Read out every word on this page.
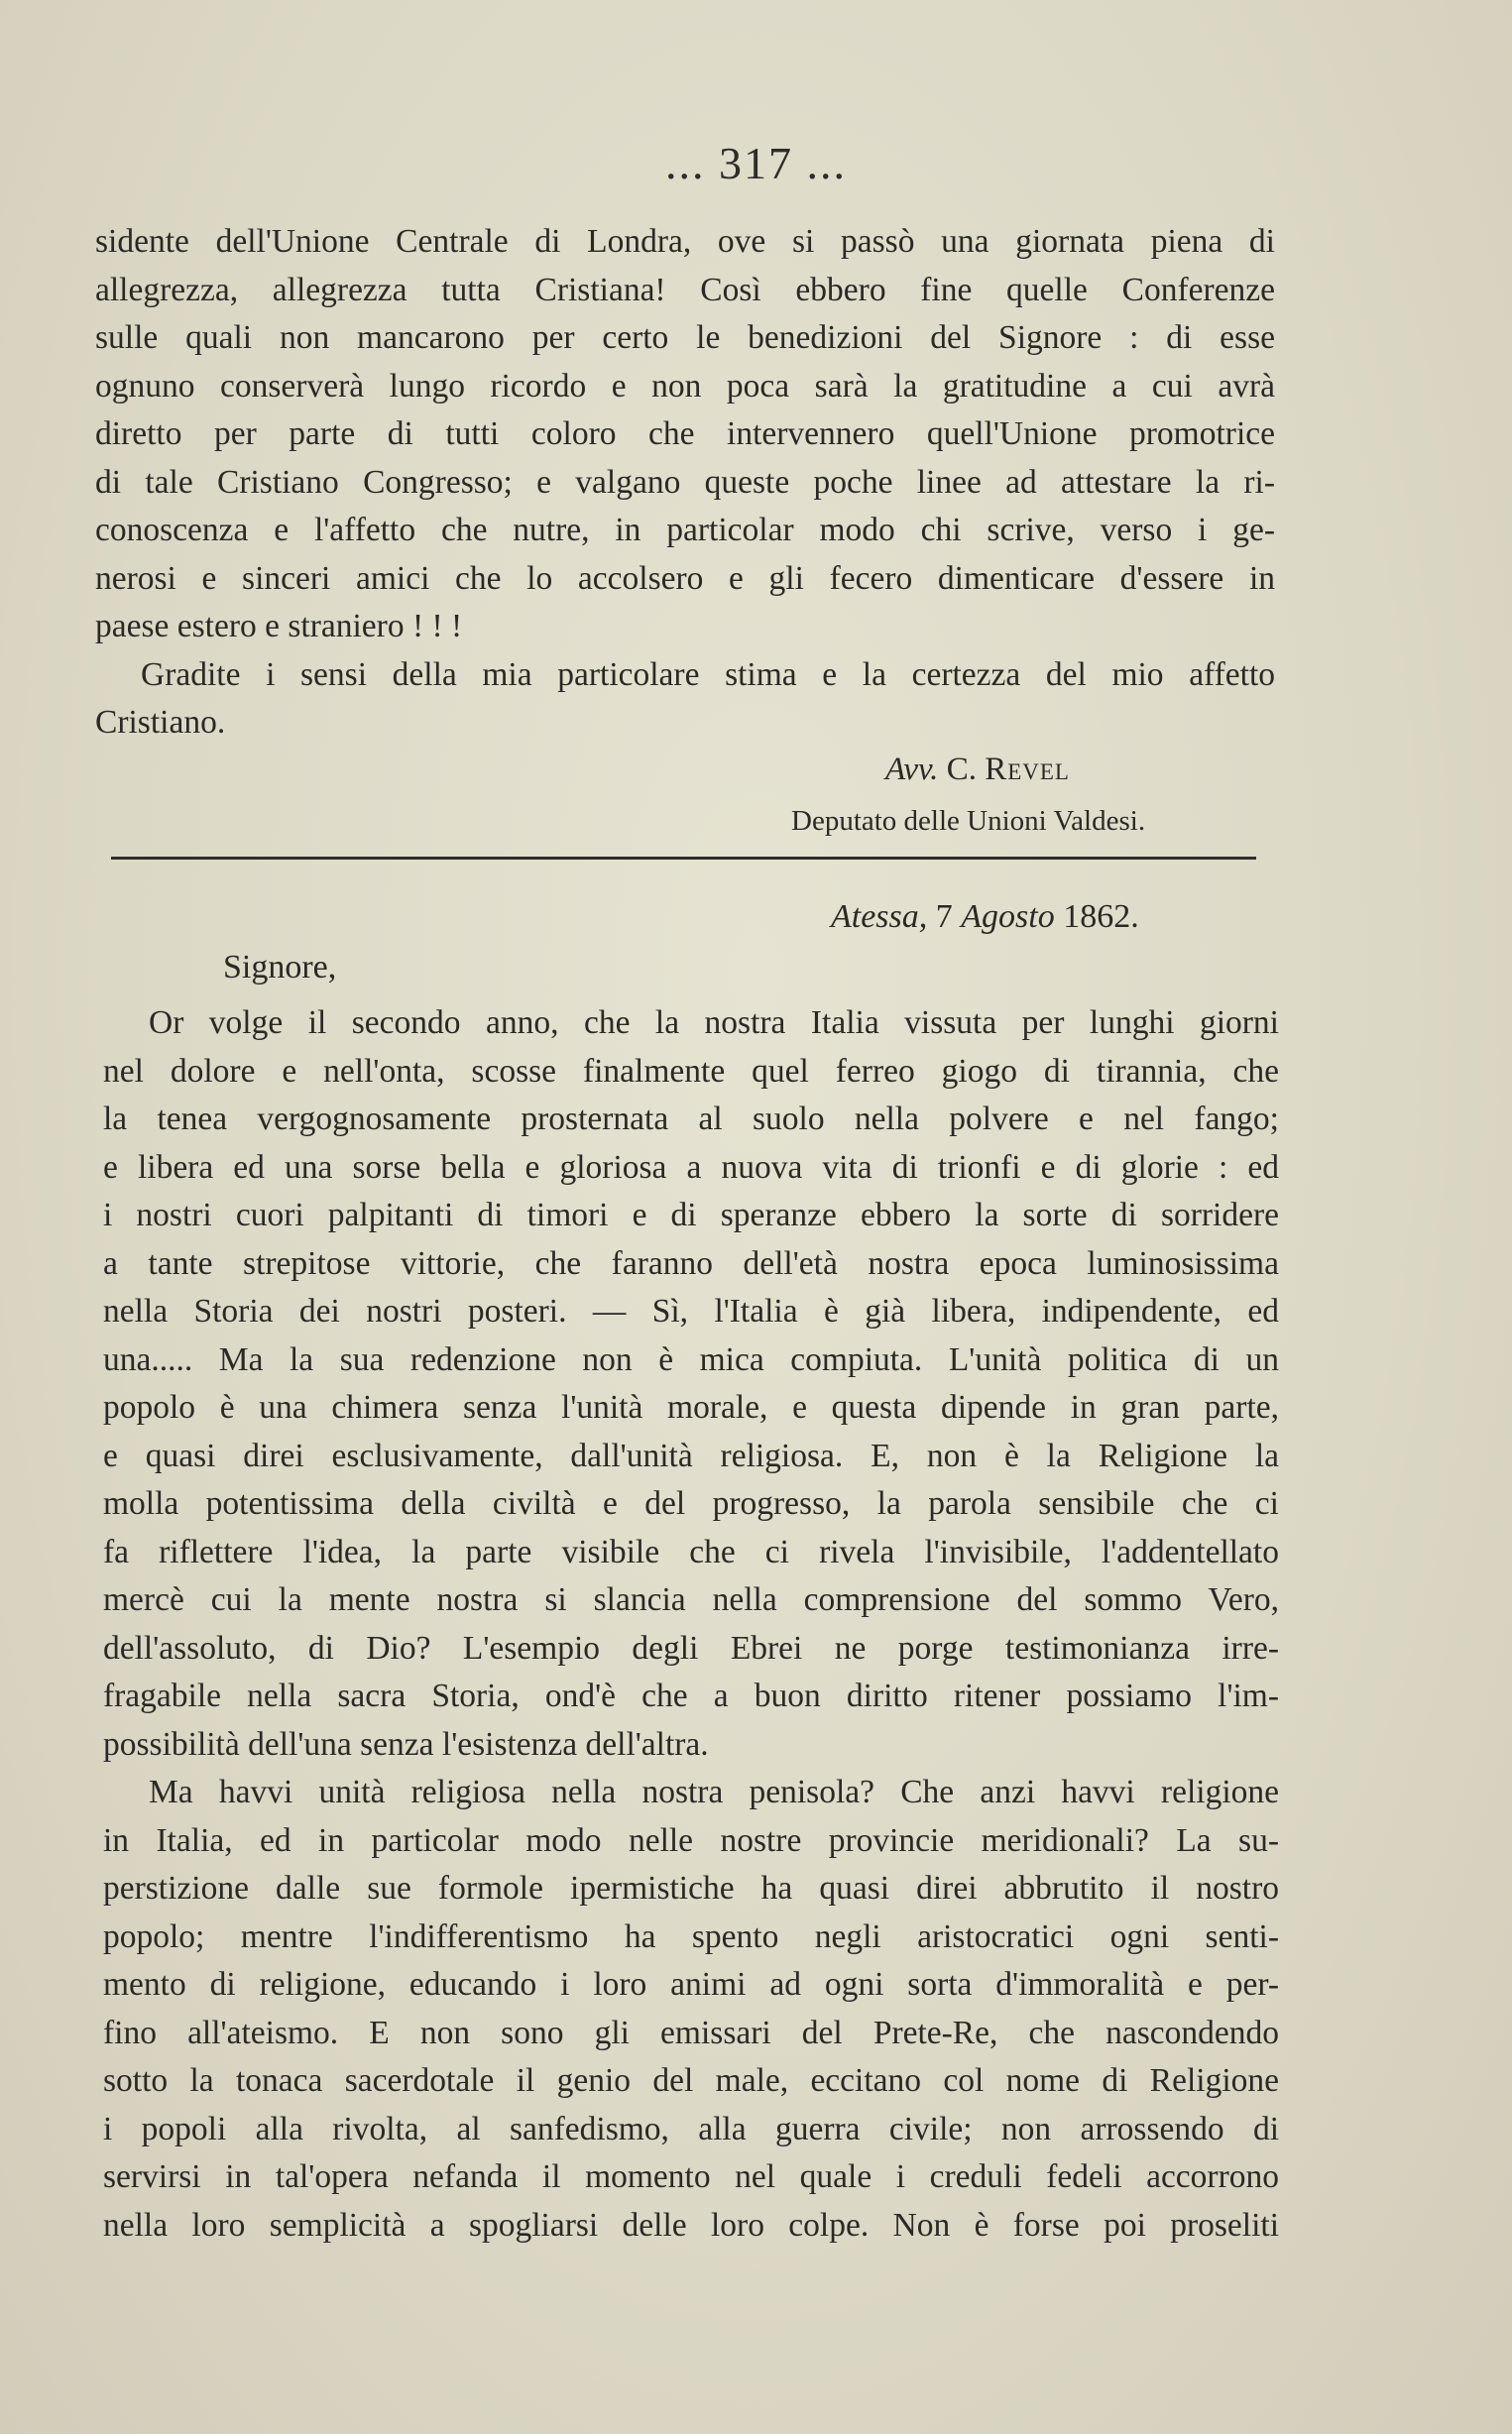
... 317 ...
sidente dell'Unione Centrale di Londra, ove si passò una giornata piena di
allegrezza, allegrezza tutta Cristiana! Così ebbero fine quelle Conferenze
sulle quali non mancarono per certo le benedizioni del Signore : di esse
ognuno conserverà lungo ricordo e non poca sarà la gratitudine a cui avrà
diretto per parte di tutti coloro che intervennero quell'Unione promotrice
di tale Cristiano Congresso; e valgano queste poche linee ad attestare la ri-
conoscenza e l'affetto che nutre, in particolar modo chi scrive, verso i ge-
nerosi e sinceri amici che lo accolsero e gli fecero dimenticare d'essere in
paese estero e straniero ! ! !
Gradite i sensi della mia particolare stima e la certezza del mio affetto
Cristiano.
Avv. C. Revel
Deputato delle Unioni Valdesi.
Atessa, 7 Agosto 1862.
Signore,
Or volge il secondo anno, che la nostra Italia vissuta per lunghi giorni
nel dolore e nell'onta, scosse finalmente quel ferreo giogo di tirannia, che
la tenea vergognosamente prosternata al suolo nella polvere e nel fango;
e libera ed una sorse bella e gloriosa a nuova vita di trionfi e di glorie : ed
i nostri cuori palpitanti di timori e di speranze ebbero la sorte di sorridere
a tante strepitose vittorie, che faranno dell'età nostra epoca luminosissima
nella Storia dei nostri posteri. — Sì, l'Italia è già libera, indipendente, ed
una..... Ma la sua redenzione non è mica compiuta. L'unità politica di un
popolo è una chimera senza l'unità morale, e questa dipende in gran parte,
e quasi direi esclusivamente, dall'unità religiosa. E, non è la Religione la
molla potentissima della civiltà e del progresso, la parola sensibile che ci
fa riflettere l'idea, la parte visibile che ci rivela l'invisibile, l'addentellato
mercè cui la mente nostra si slancia nella comprensione del sommo Vero,
dell'assoluto, di Dio? L'esempio degli Ebrei ne porge testimonianza irre-
fragabile nella sacra Storia, ond'è che a buon diritto ritener possiamo l'im-
possibilità dell'una senza l'esistenza dell'altra.
Ma havvi unità religiosa nella nostra penisola? Che anzi havvi religione
in Italia, ed in particolar modo nelle nostre provincie meridionali? La su-
perstizione dalle sue formole ipermistiche ha quasi direi abbrutito il nostro
popolo; mentre l'indifferentismo ha spento negli aristocratici ogni senti-
mento di religione, educando i loro animi ad ogni sorta d'immoralità e per-
fino all'ateismo. E non sono gli emissari del Prete-Re, che nascondendo
sotto la tonaca sacerdotale il genio del male, eccitano col nome di Religione
i popoli alla rivolta, al sanfedismo, alla guerra civile; non arrossendo di
servirsi in tal'opera nefanda il momento nel quale i creduli fedeli accorrono
nella loro semplicità a spogliarsi delle loro colpe. Non è forse poi proseliti
